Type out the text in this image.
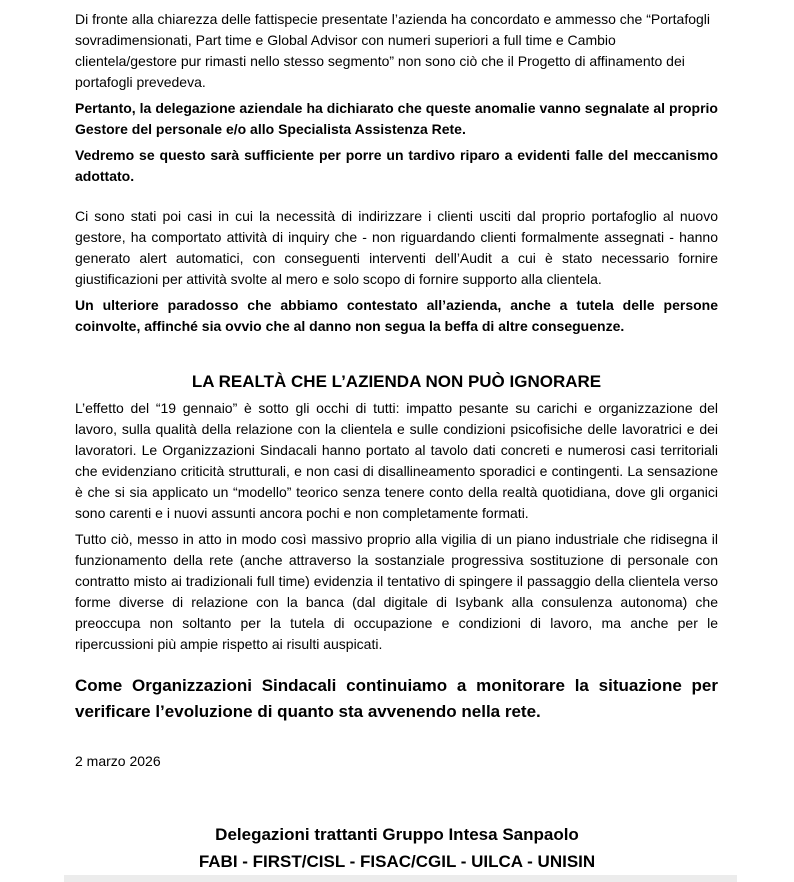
Di fronte alla chiarezza delle fattispecie presentate l’azienda ha concordato e ammesso che “Portafogli sovradimensionati, Part time e Global Advisor con numeri superiori a full time e Cambio clientela/gestore pur rimasti nello stesso segmento” non sono ciò che il Progetto di affinamento dei portafogli prevedeva.

Pertanto, la delegazione aziendale ha dichiarato che queste anomalie vanno segnalate al proprio Gestore del personale e/o allo Specialista Assistenza Rete.

Vedremo se questo sarà sufficiente per porre un tardivo riparo a evidenti falle del meccanismo adottato.

Ci sono stati poi casi in cui la necessità di indirizzare i clienti usciti dal proprio portafoglio al nuovo gestore, ha comportato attività di inquiry che - non riguardando clienti formalmente assegnati - hanno generato alert automatici, con conseguenti interventi dell’Audit a cui è stato necessario fornire giustificazioni per attività svolte al mero e solo scopo di fornire supporto alla clientela.

Un ulteriore paradosso che abbiamo contestato all’azienda, anche a tutela delle persone coinvolte, affinché sia ovvio che al danno non segua la beffa di altre conseguenze.

LA REALTÀ CHE L’AZIENDA NON PUÒ IGNORARE

L’effetto del “19 gennaio” è sotto gli occhi di tutti: impatto pesante su carichi e organizzazione del lavoro, sulla qualità della relazione con la clientela e sulle condizioni psicofisiche delle lavoratrici e dei lavoratori. Le Organizzazioni Sindacali hanno portato al tavolo dati concreti e numerosi casi territoriali che evidenziano criticità strutturali, e non casi di disallineamento sporadici e contingenti. La sensazione è che si sia applicato un “modello” teorico senza tenere conto della realtà quotidiana, dove gli organici sono carenti e i nuovi assunti ancora pochi e non completamente formati.

Tutto ciò, messo in atto in modo così massivo proprio alla vigilia di un piano industriale che ridisegna il funzionamento della rete (anche attraverso la sostanziale progressiva sostituzione di personale con contratto misto ai tradizionali full time) evidenzia il tentativo di spingere il passaggio della clientela verso forme diverse di relazione con la banca (dal digitale di Isybank alla consulenza autonoma) che preoccupa non soltanto per la tutela di occupazione e condizioni di lavoro, ma anche per le ripercussioni più ampie rispetto ai risulti auspicati.

Come Organizzazioni Sindacali continuiamo a monitorare la situazione per verificare l’evoluzione di quanto sta avvenendo nella rete.

2 marzo 2026

Delegazioni trattanti Gruppo Intesa Sanpaolo
FABI - FIRST/CISL - FISAC/CGIL - UILCA - UNISIN
